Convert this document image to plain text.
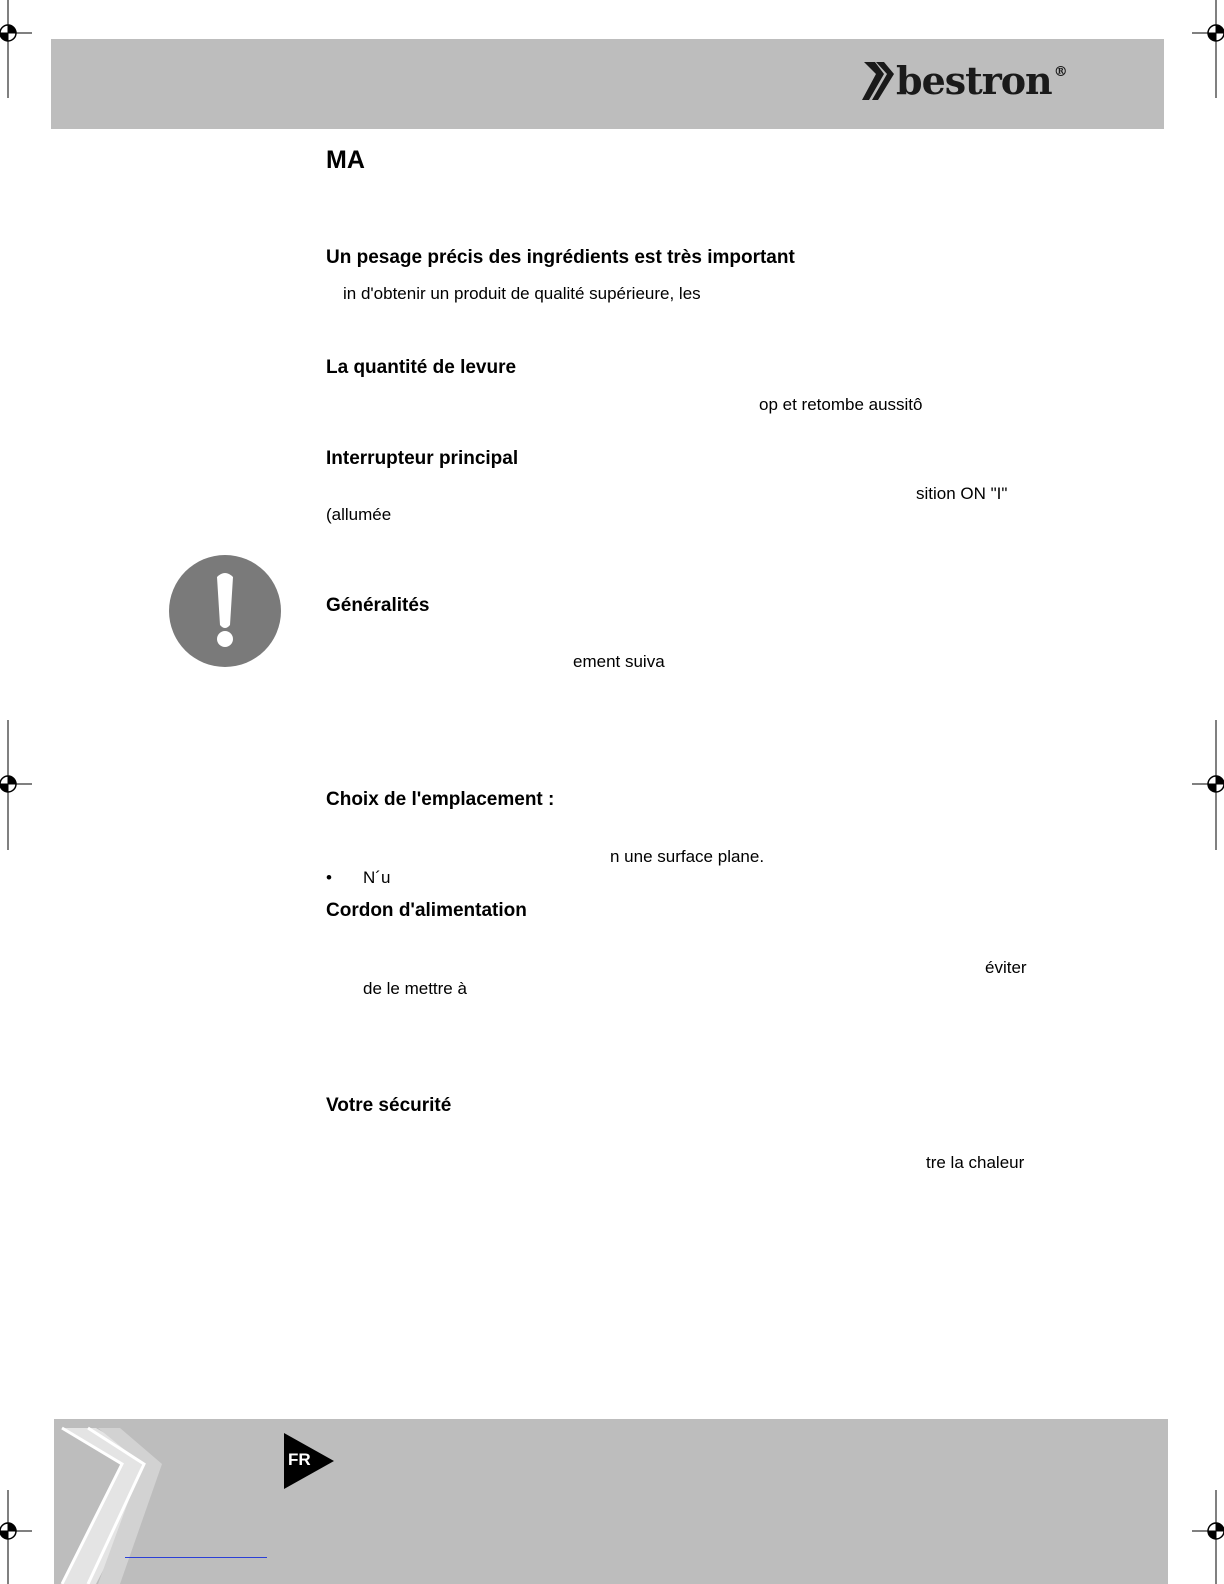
bestron ®
MA
Un pesage précis des ingrédients est très important
in d'obtenir un produit de qualité supérieure, les
La quantité de levure
op et retombe aussitô
Interrupteur principal
sition ON "I"
(allumée
Généralités
ement suiva
Choix de l'emplacement :
n une surface plane.
• N´u
Cordon d'alimentation
éviter
de le mettre à
Votre sécurité
tre la chaleur
FR
